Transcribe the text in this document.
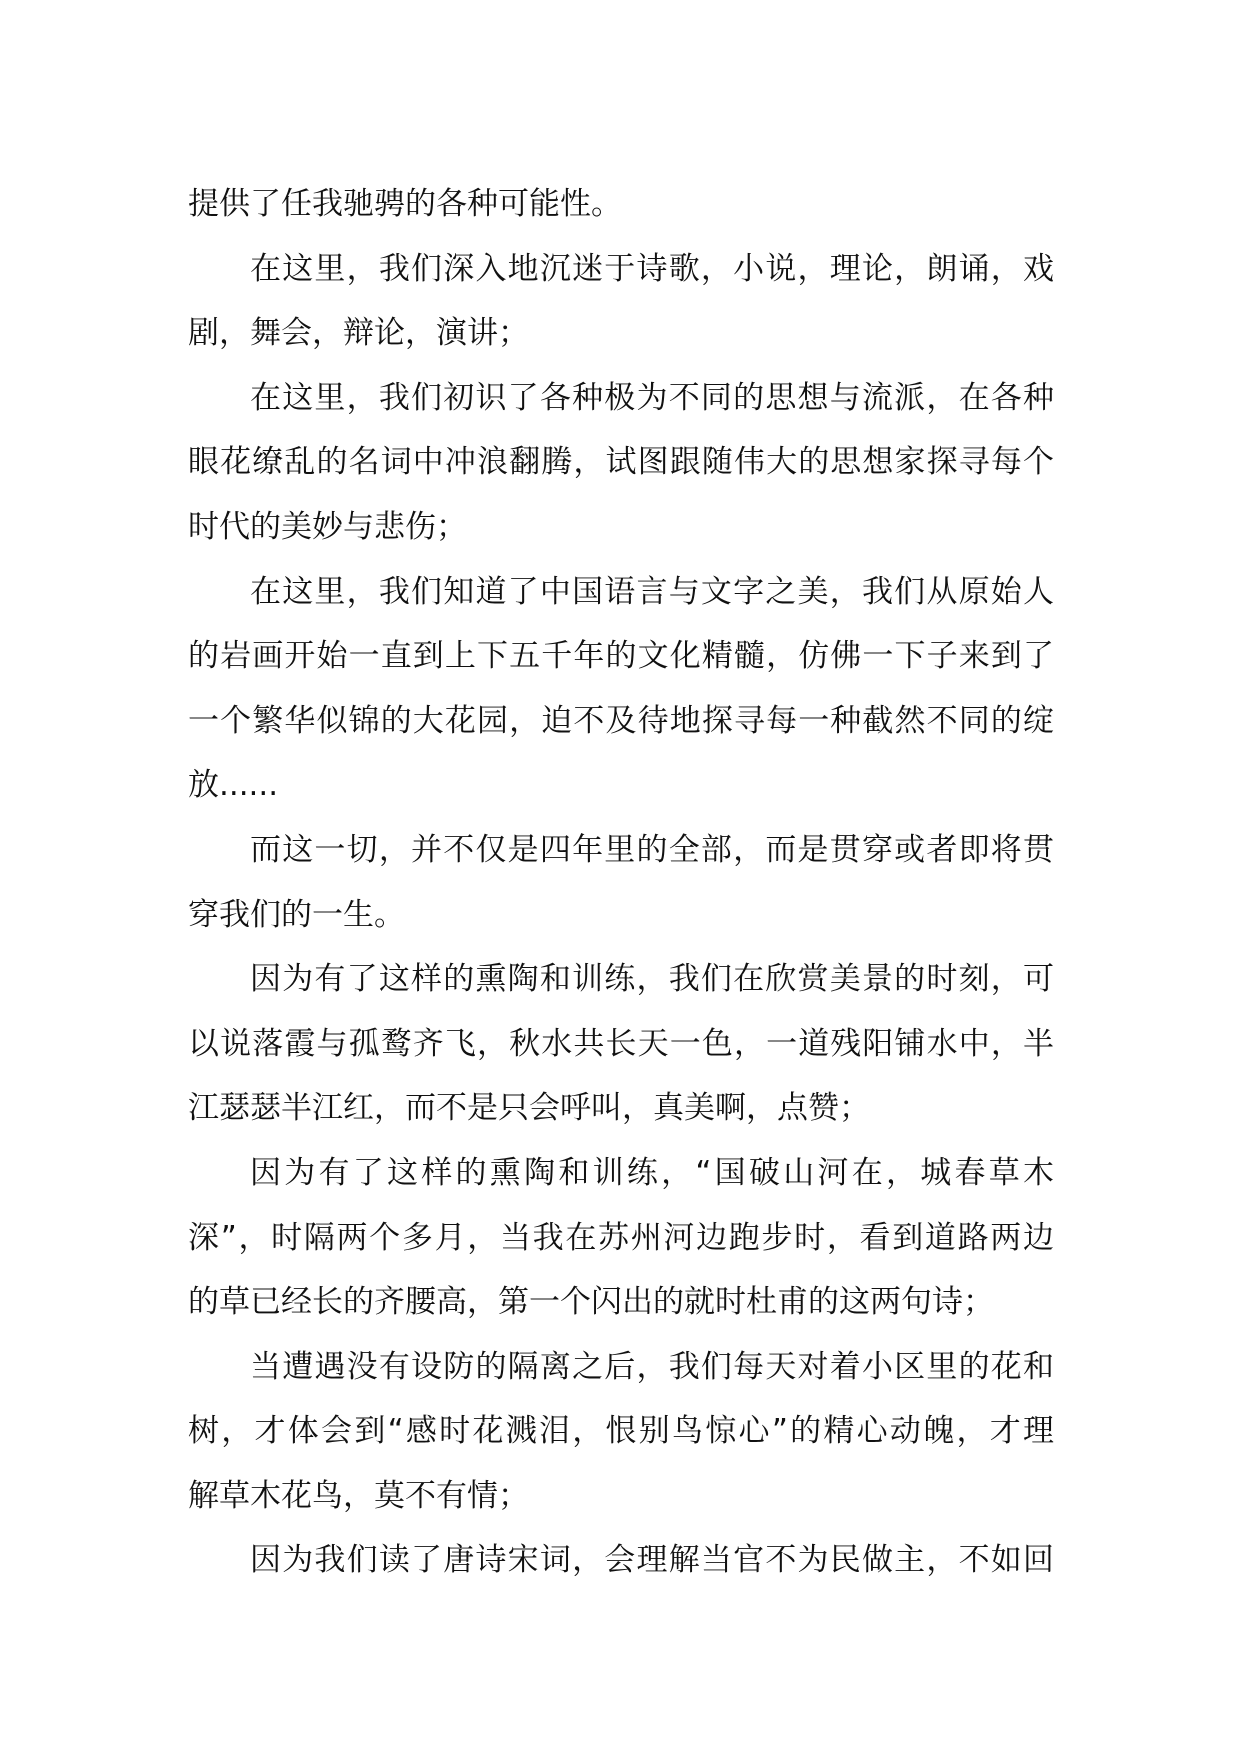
提供了任我驰骋的各种可能性。
在这里，我们深入地沉迷于诗歌，小说，理论，朗诵，戏
剧，舞会，辩论，演讲；
在这里，我们初识了各种极为不同的思想与流派，在各种
眼花缭乱的名词中冲浪翻腾，试图跟随伟大的思想家探寻每个
时代的美妙与悲伤；
在这里，我们知道了中国语言与文字之美，我们从原始人
的岩画开始一直到上下五千年的文化精髓，仿佛一下子来到了
一个繁华似锦的大花园，迫不及待地探寻每一种截然不同的绽
放......
而这一切，并不仅是四年里的全部，而是贯穿或者即将贯
穿我们的一生。
因为有了这样的熏陶和训练，我们在欣赏美景的时刻，可
以说落霞与孤鹜齐飞，秋水共长天一色，一道残阳铺水中，半
江瑟瑟半江红，而不是只会呼叫，真美啊，点赞；
因为有了这样的熏陶和训练，“国破山河在，城春草木
深”，时隔两个多月，当我在苏州河边跑步时，看到道路两边
的草已经长的齐腰高，第一个闪出的就时杜甫的这两句诗；
当遭遇没有设防的隔离之后，我们每天对着小区里的花和
树，才体会到“感时花溅泪，恨别鸟惊心”的精心动魄，才理
解草木花鸟，莫不有情；
因为我们读了唐诗宋词，会理解当官不为民做主，不如回
